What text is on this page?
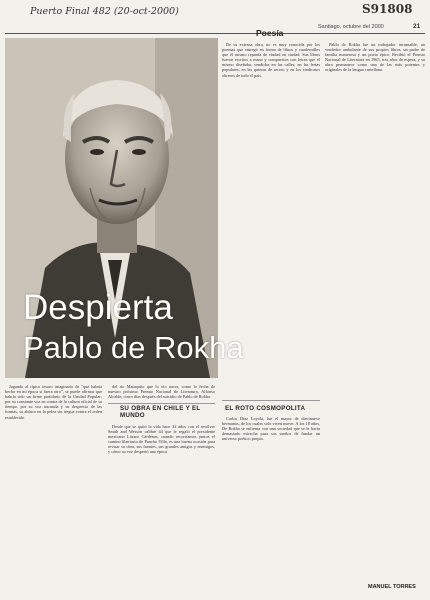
Puerto Final 482 (20-oct-2000)	S91808
Santiago, octubre del 2000	21
Poesía
Despierta
Pablo de Rokha

Jugando al típico tesoro imaginario de "qué habría hecho en mi época si fuera otro", se puede afirmar que habría sido un firme partidario de la Unidad Popular; por su constante voz en contra de la cultura oficial de su tiempo, por su voz iracunda y su desprecio de las formas, su ahínco en la pelea sin tregua contra el orden establecido.

del río Mataquito que lo vio nacer, como lo fecha de nuestro próximo Premio Nacional de Literatura, Alfonso Alcalde, cinco días después del suicidio de Pablo de Rokha.

SU OBRA EN CHILE Y EL MUNDO

Desde que se quitó la vida hace 32 años con el revólver Smith and Wesson calibre 44 que le regaló el presidente mexicano Lázaro Cárdenas, cuando recorríamos juntos el camino libertario de Pancho Villa, es una buena ocasión para revisar su obra, sus fuentes, sus grandes amigos y enemigos, y cómo su voz despertó una época.

De su extensa obra, no es muy conocida por los poemas que entregó en forma de libros y cuadernillos que él mismo repartía de ciudad en ciudad. Sus libros fueron escritos a mano y compuestos con letras que él mismo diseñaba, vendidos en las calles, en las ferias populares, en las quintas de recreo y en los sindicatos obreros de todo el país.

EL ROTO COSMOPOLITA

Carlos Díaz Loyola, fue el mayor de diecinueve hermanos, de los cuales solo viven nueve. A los 18 años, De Rokha se enfrenta con una sociedad que se le hacía demasiado estrecha para sus sueños de fundar un universo poético propio.

Pablo de Rokha fue un trabajador incansable, un vendedor ambulante de sus propios libros, un padre de familia numerosa y un poeta épico. Recibió el Premio Nacional de Literatura en 1965, tras años de espera, y su obra permanece como una de las más potentes y originales de la lengua castellana.

MANUEL TORRES
